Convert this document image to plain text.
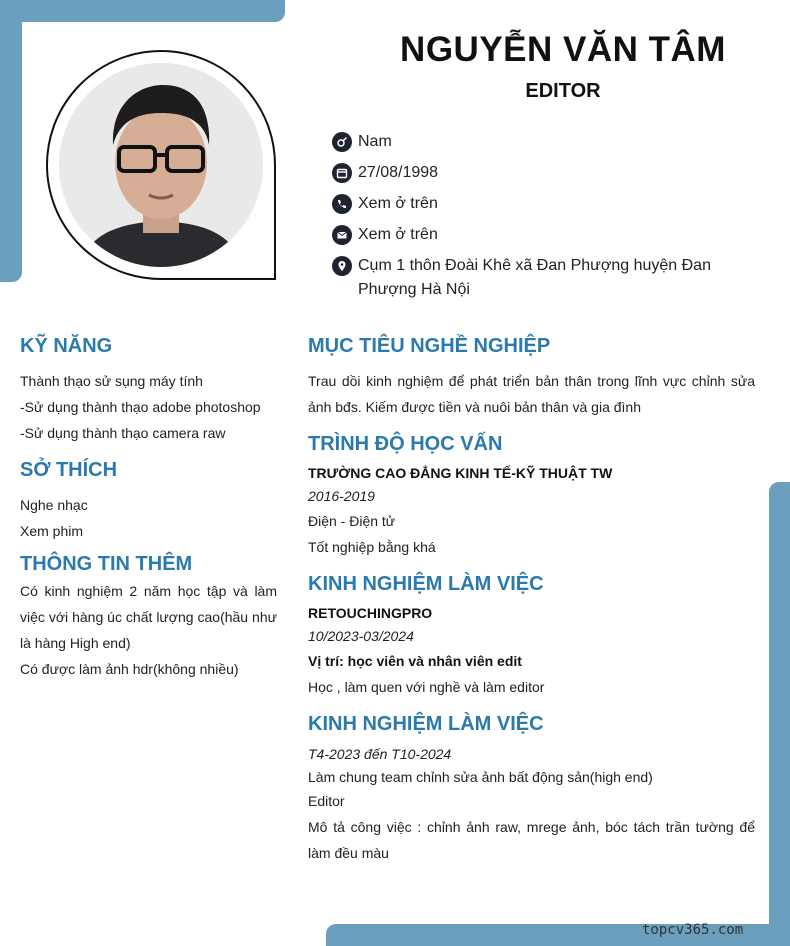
NGUYỄN VĂN TÂM
EDITOR
Nam
27/08/1998
Xem ở trên
Xem ở trên
Cụm 1 thôn Đoài Khê xã Đan Phượng huyện Đan Phượng Hà Nội
KỸ NĂNG

Thành thạo sử sụng máy tính

-Sử dụng thành thạo adobe photoshop

-Sử dụng thành thạo camera raw

SỞ THÍCH

Nghe nhạc

Xem phim

THÔNG TIN THÊM

Có kinh nghiệm 2 năm học tập và làm việc với hàng úc chất lượng cao(hầu như là hàng High end)

Có được làm ảnh hdr(không nhiều)

MỤC TIÊU NGHỀ NGHIỆP

Trau dồi kinh nghiệm để phát triển bản thân trong lĩnh vực chỉnh sửa ảnh bđs. Kiếm được tiền và nuôi bản thân và gia đình

TRÌNH ĐỘ HỌC VẤN

TRƯỜNG CAO ĐẲNG KINH TẾ-KỸ THUẬT TW

2016-2019

Điện - Điện tử

Tốt nghiệp bằng khá

KINH NGHIỆM LÀM VIỆC

RETOUCHINGPRO

10/2023-03/2024

Vị trí: học viên và nhân viên edit

Học , làm quen với nghề và làm editor

KINH NGHIỆM LÀM VIỆC

T4-2023 đến T10-2024

Làm chung team chỉnh sửa ảnh bất động sản(high end)

Editor

Mô tả công việc : chỉnh ảnh raw, mrege ảnh, bóc tách trần tường để làm đều màu

topcv365.com
